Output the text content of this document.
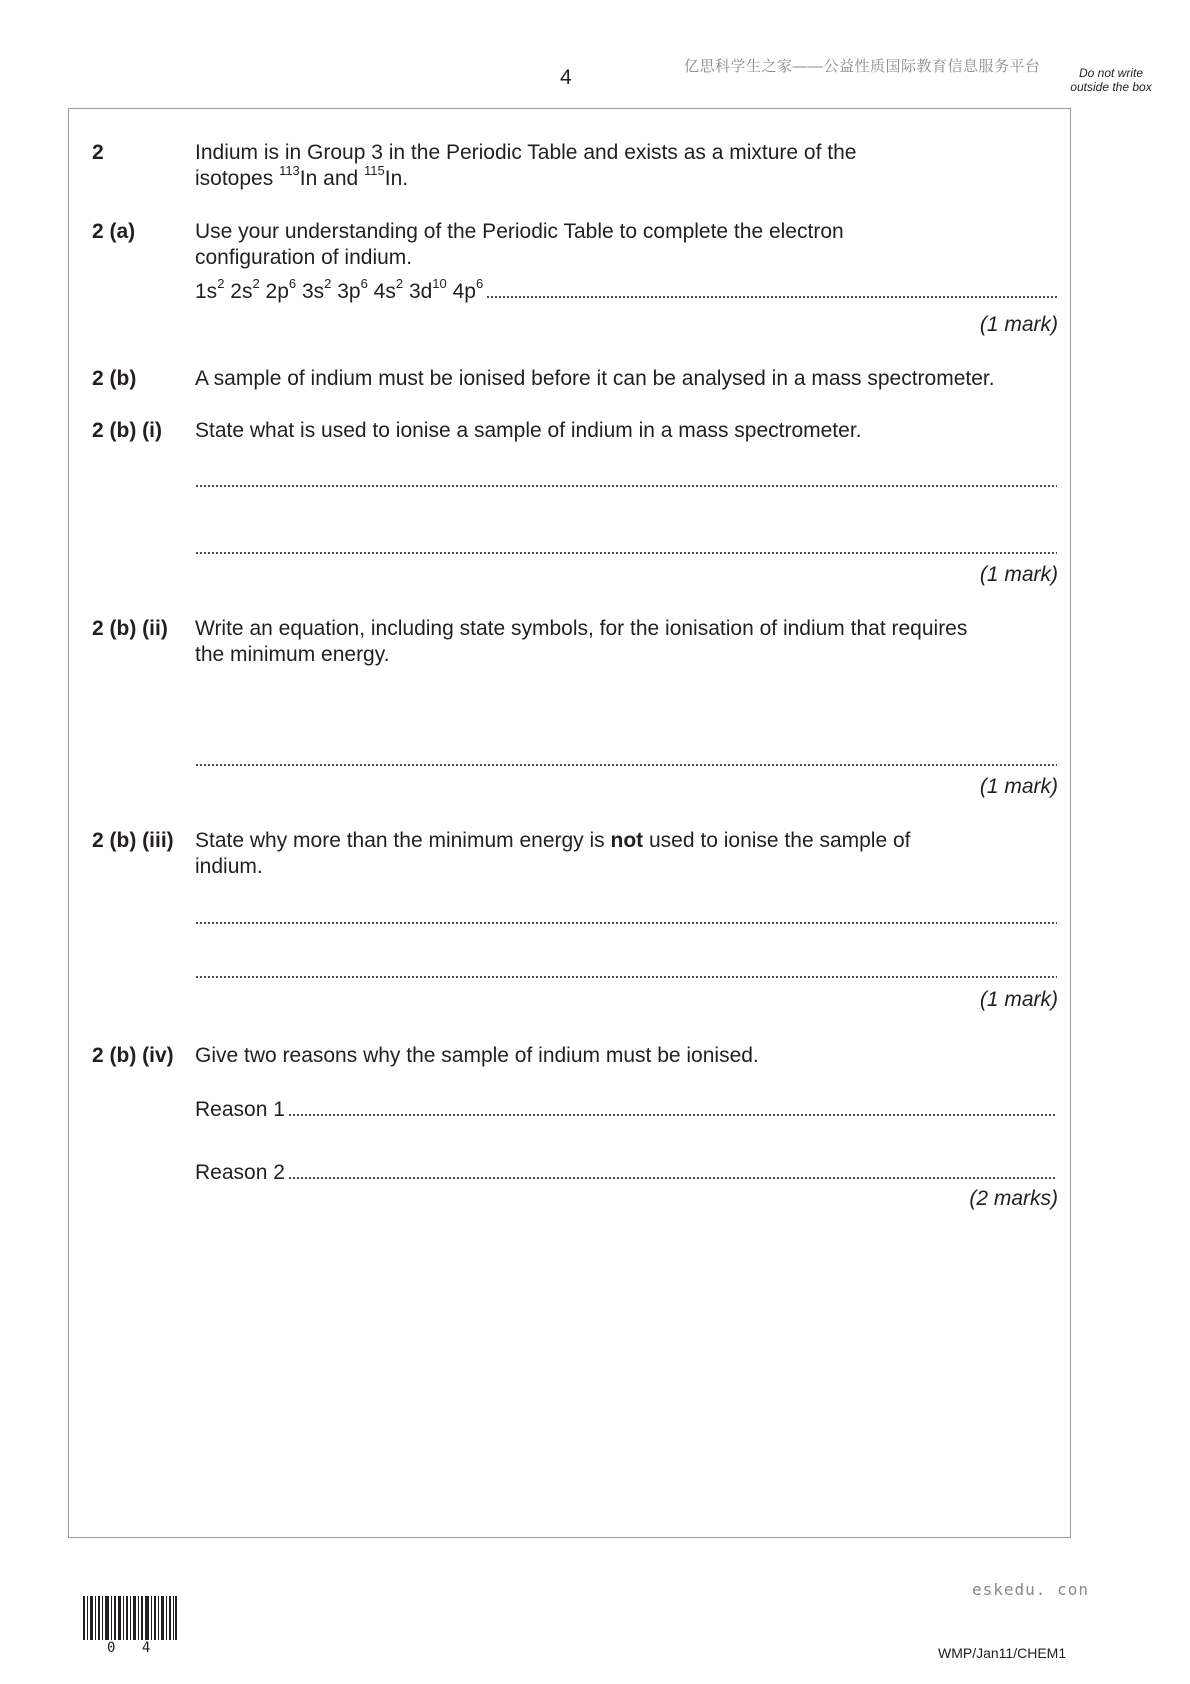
4	亿思科学生之家——公益性质国际教育信息服务平台	Do not write outside the box
2	Indium is in Group 3 in the Periodic Table and exists as a mixture of the
isotopes $^{113}$In and $^{115}$In.
2 (a)	Use your understanding of the Periodic Table to complete the electron
configuration of indium.
$1s^2$ $2s^2$ $2p^6$ $3s^2$ $3p^6$ $4s^2$ $3d^{10}$ $4p^6$
(1 mark)
2 (b)	A sample of indium must be ionised before it can be analysed in a mass spectrometer.
2 (b) (i) State what is used to ionise a sample of indium in a mass spectrometer.
(1 mark)
2 (b) (ii) Write an equation, including state symbols, for the ionisation of indium that requires
the minimum energy.
(1 mark)
2 (b) (iii) State why more than the minimum energy is not used to ionise the sample of
indium.
(1 mark)
2 (b) (iv) Give two reasons why the sample of indium must be ionised.
Reason 1
Reason 2
(2 marks)
eskedu. con
0 4	WMP/Jan11/CHEM1
